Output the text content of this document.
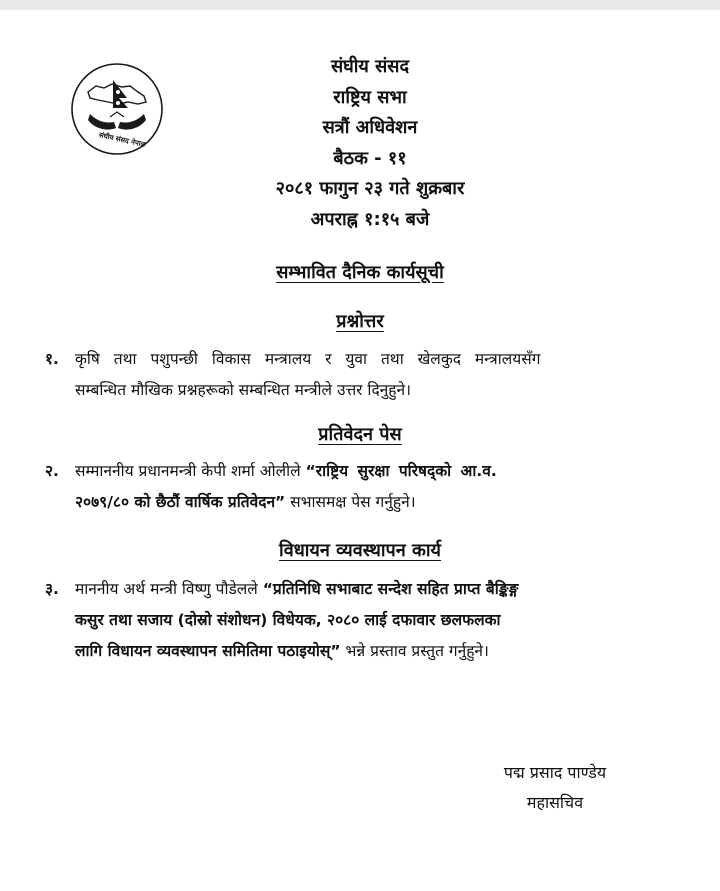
संघीय संसद नेपाल
संघीय संसद
राष्ट्रिय सभा
सत्रौं अधिवेशन
बैठक - ११
२०८१ फागुन २३ गते शुक्रबार
अपराह्न १:१५ बजे
सम्भावित दैनिक कार्यसूची
प्रश्नोत्तर
१. कृषि तथा पशुपन्छी विकास मन्त्रालय र युवा तथा खेलकुद मन्त्रालयसँग
सम्बन्धित मौखिक प्रश्नहरूको सम्बन्धित मन्त्रीले उत्तर दिनुहुने।
प्रतिवेदन पेस
२. सम्माननीय प्रधानमन्त्री केपी शर्मा ओलीले “राष्ट्रिय सुरक्षा परिषद्को आ.व.
२०७९/८० को छैठौं वार्षिक प्रतिवेदन” सभासमक्ष पेस गर्नुहुने।
विधायन व्यवस्थापन कार्य
३. माननीय अर्थ मन्त्री विष्णु पौडेलले “प्रतिनिधि सभाबाट सन्देश सहित प्राप्त बैङ्किङ्ग
कसुर तथा सजाय (दोस्रो संशोधन) विधेयक, २०८० लाई दफावार छलफलका
लागि विधायन व्यवस्थापन समितिमा पठाइयोस्” भन्ने प्रस्ताव प्रस्तुत गर्नुहुने।
पद्म प्रसाद पाण्डेय
महासचिव
